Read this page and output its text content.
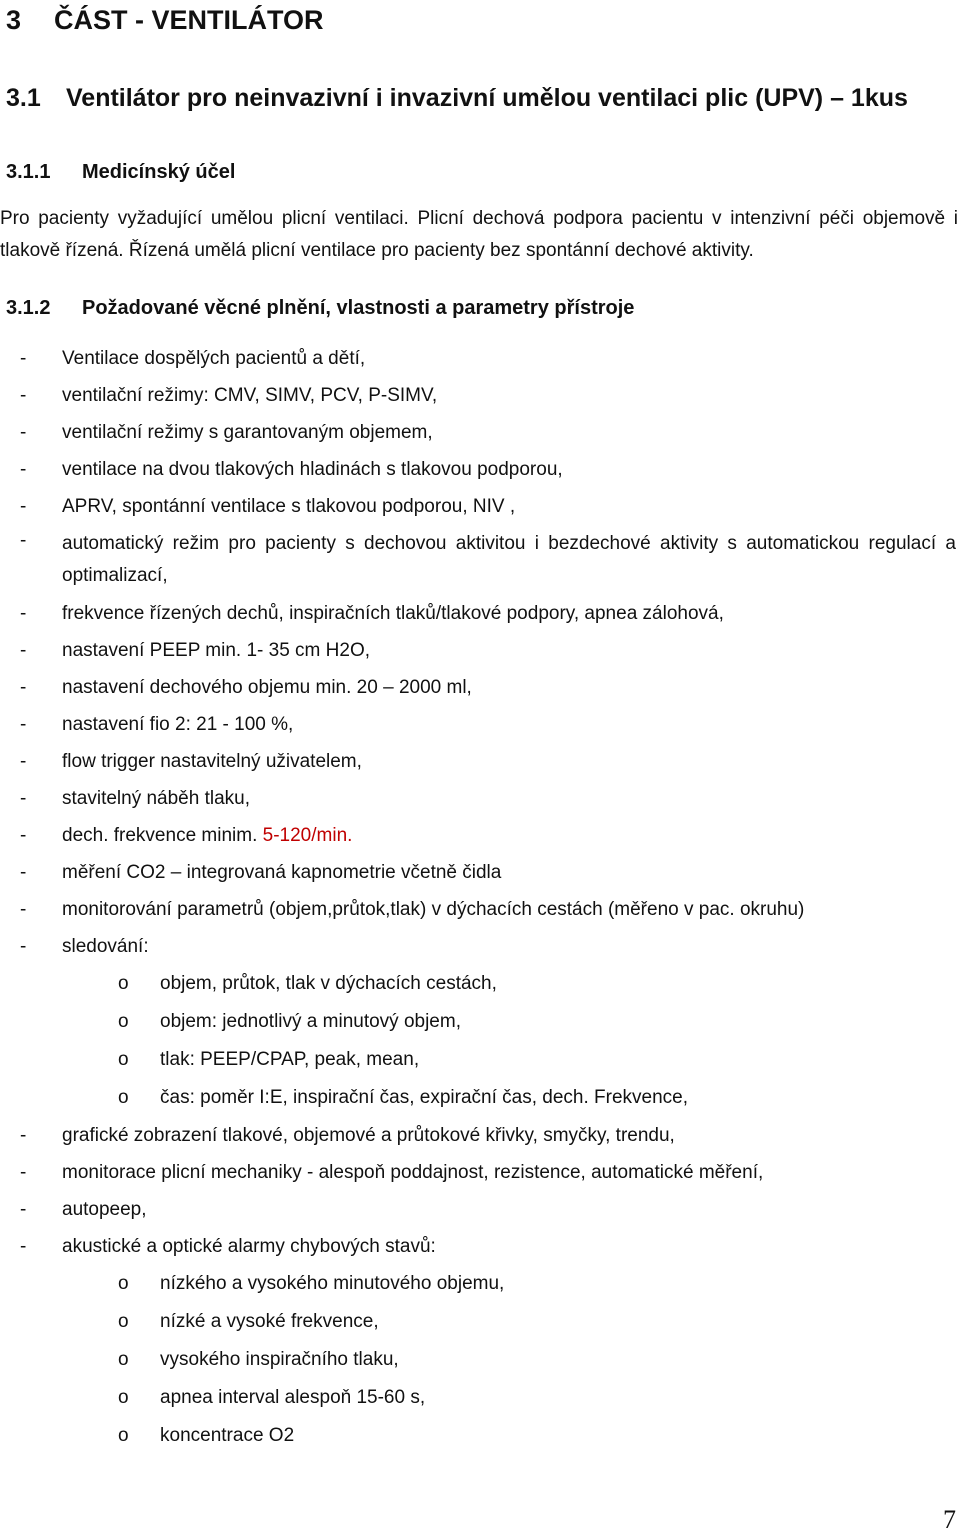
3 ČÁST - VENTILÁTOR
3.1 Ventilátor pro neinvazivní i invazivní umělou ventilaci plic (UPV) – 1kus
3.1.1 Medicínský účel
Pro pacienty vyžadující umělou plicní ventilaci. Plicní dechová podpora pacientu v intenzivní péči objemově i tlakově řízená. Řízená umělá plicní ventilace pro pacienty bez spontánní dechové aktivity.
3.1.2 Požadované věcné plnění, vlastnosti a parametry přístroje
- Ventilace dospělých pacientů a dětí,
- ventilační režimy: CMV, SIMV, PCV, P-SIMV,
- ventilační režimy s garantovaným objemem,
- ventilace na dvou tlakových hladinách s tlakovou podporou,
- APRV, spontánní ventilace s tlakovou podporou, NIV ,
- automatický režim pro pacienty s dechovou aktivitou i bezdechové aktivity s automatickou regulací a optimalizací,
- frekvence řízených dechů, inspiračních tlaků/tlakové podpory, apnea zálohová,
- nastavení PEEP min. 1- 35 cm H2O,
- nastavení dechového objemu min. 20 – 2000 ml,
- nastavení fio 2: 21 - 100 %,
- flow trigger nastavitelný uživatelem,
- stavitelný náběh tlaku,
- dech. frekvence minim. 5-120/min.
- měření CO2 – integrovaná kapnometrie včetně čidla
- monitorování parametrů (objem,průtok,tlak) v dýchacích cestách (měřeno v pac. okruhu)
- sledování:
o objem, průtok, tlak v dýchacích cestách,
o objem: jednotlivý a minutový objem,
o tlak: PEEP/CPAP, peak, mean,
o čas: poměr I:E, inspirační čas, expirační čas, dech. Frekvence,
- grafické zobrazení tlakové, objemové a průtokové křivky, smyčky, trendu,
- monitorace plicní mechaniky - alespoň poddajnost, rezistence, automatické měření,
- autopeep,
- akustické a optické alarmy chybových stavů:
o nízkého a vysokého minutového objemu,
o nízké a vysoké frekvence,
o vysokého inspiračního tlaku,
o apnea interval alespoň 15-60 s,
o koncentrace O2
7
